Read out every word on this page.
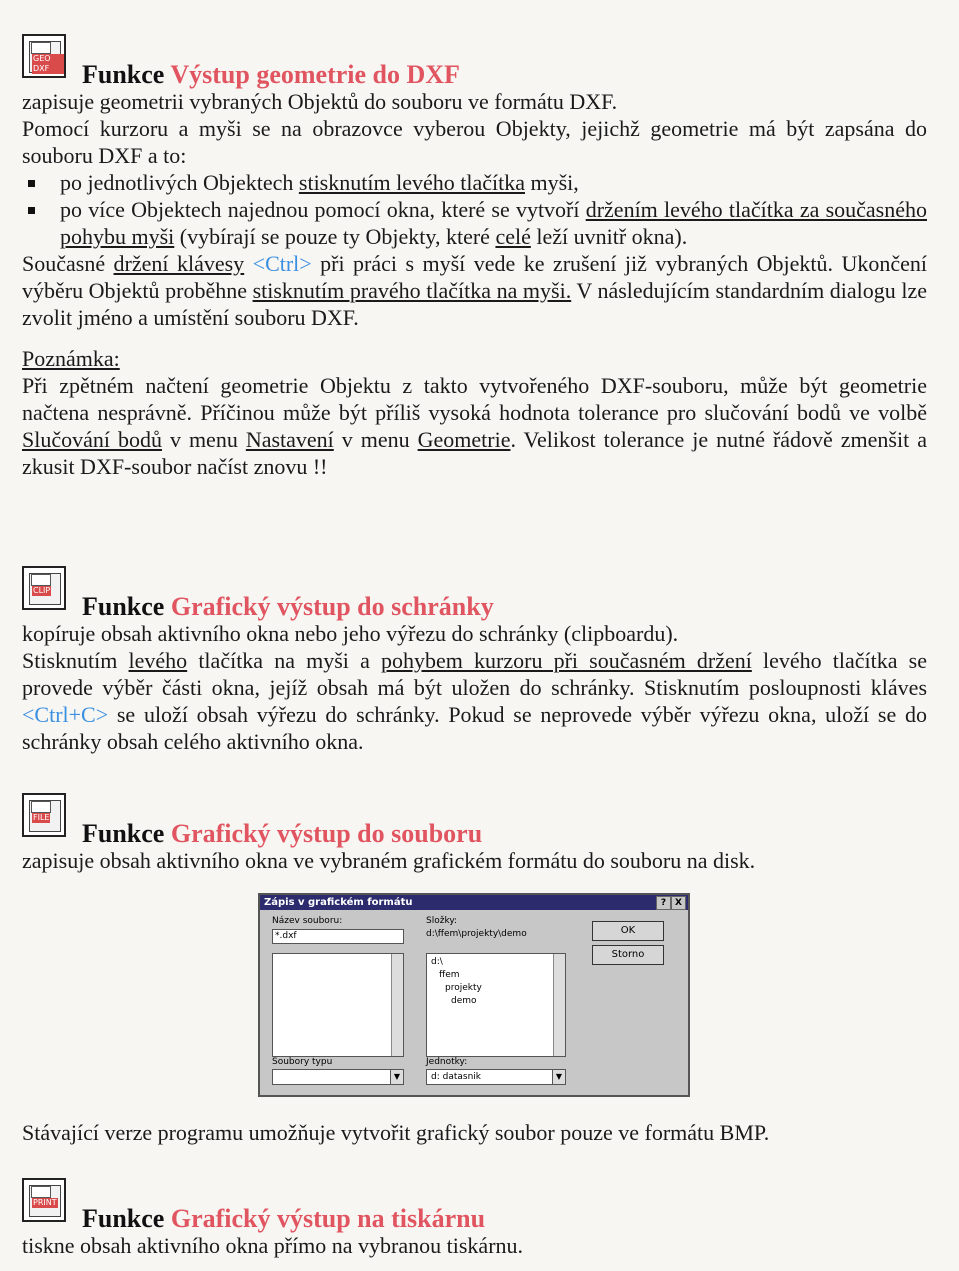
GEO DXF	Funkce Výstup geometrie do DXF

zapisuje geometrii vybraných Objektů do souboru ve formátu DXF.

Pomocí kurzoru a myši se na obrazovce vyberou Objekty, jejichž geometrie má být zapsána do souboru DXF a to:

po jednotlivých Objektech stisknutím levého tlačítka myši,
po více Objektech najednou pomocí okna, které se vytvoří držením levého tlačítka za současného pohybu myši (vybírají se pouze ty Objekty, které celé leží uvnitř okna).

Současné držení klávesy <Ctrl> při práci s myší vede ke zrušení již vybraných Objektů. Ukončení výběru Objektů proběhne stisknutím pravého tlačítka na myši. V následujícím standardním dialogu lze zvolit jméno a umístění souboru DXF.

Poznámka:

Při zpětném načtení geometrie Objektu z takto vytvořeného DXF-souboru, může být geometrie načtena nesprávně. Příčinou může být příliš vysoká hodnota tolerance pro slučování bodů ve volbě Slučování bodů v menu Nastavení v menu Geometrie. Velikost tolerance je nutné řádově zmenšit a zkusit DXF-soubor načíst znovu !!

CLIP
Funkce Grafický výstup do schránky

kopíruje obsah aktivního okna nebo jeho výřezu do schránky (clipboardu).

Stisknutím levého tlačítka na myši a pohybem kurzoru při současném držení levého tlačítka se provede výběr části okna, jejíž obsah má být uložen do schránky. Stisknutím posloupnosti kláves <Ctrl+C> se uloží obsah výřezu do schránky. Pokud se neprovede výběr výřezu okna, uloží se do schránky obsah celého aktivního okna.

FILE
Funkce Grafický výstup do souboru

zapisuje obsah aktivního okna ve vybraném grafickém formátu do souboru na disk.

Zápis v grafickém formátu	? X
Název souboru:
*.dxf
Složky:
d:\ffem\projekty\demo
d:\
ffem
projekty
demo
OK
Storno
Soubory typu
AUTOCAD (*.DXF)	▼
Jednotky:
d: datasnik	▼

Stávající verze programu umožňuje vytvořit grafický soubor pouze ve formátu BMP.

PRINT
Funkce Grafický výstup na tiskárnu

tiskne obsah aktivního okna přímo na vybranou tiskárnu.
